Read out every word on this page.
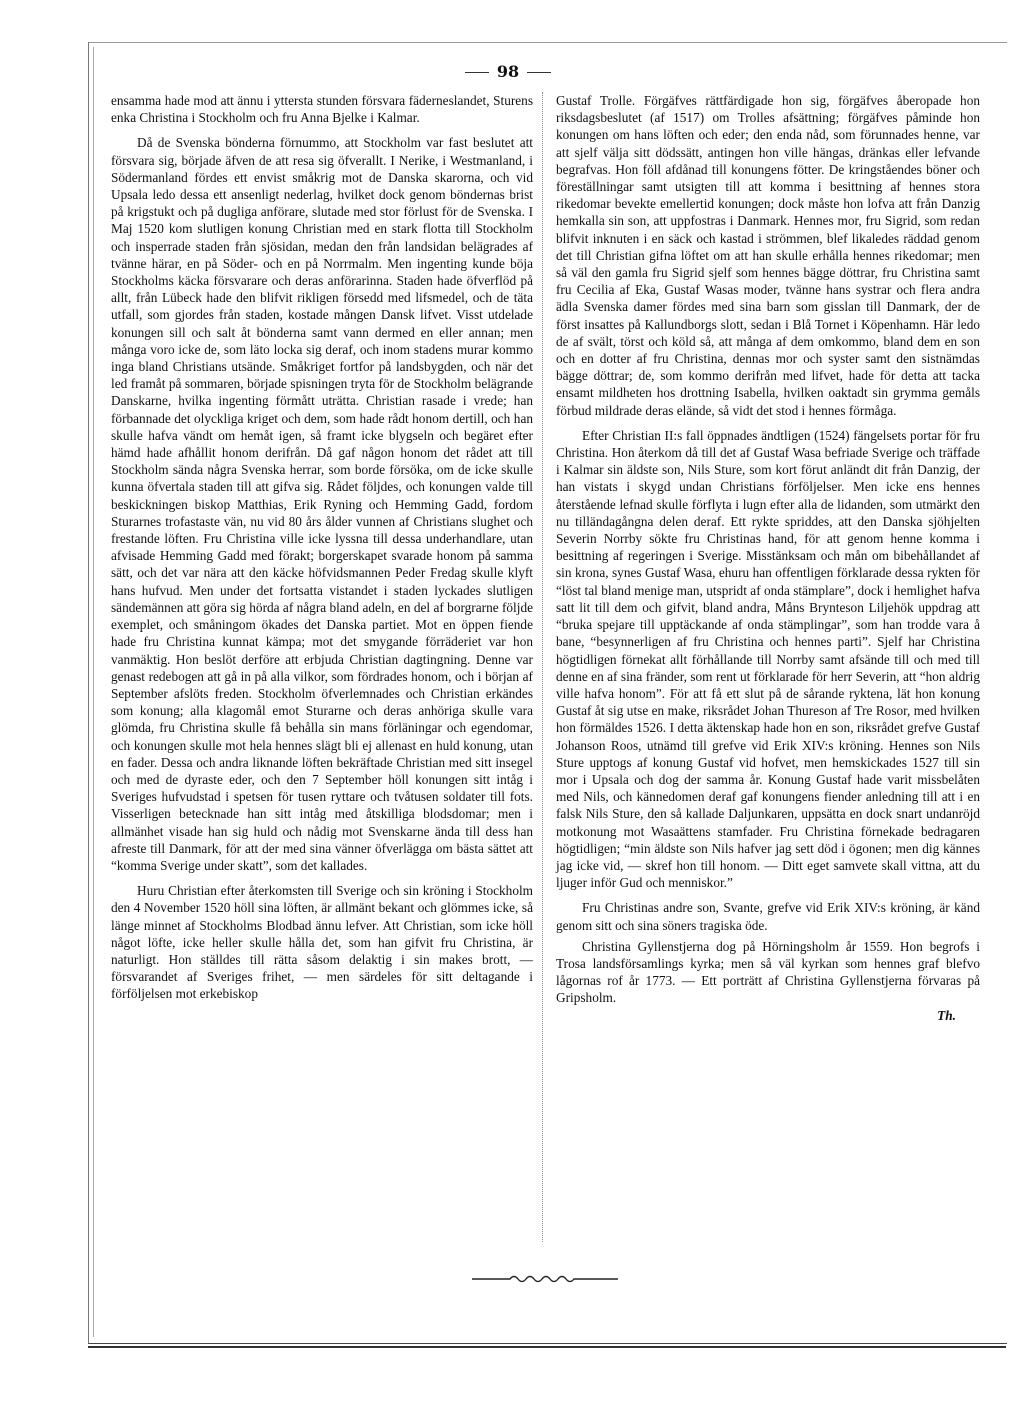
98

ensamma hade mod att ännu i yttersta stunden försvara fäderneslandet, Sturens enka Christina i Stockholm och fru Anna Bjelke i Kalmar.

Då de Svenska bönderna förnummo, att Stockholm var fast beslutet att försvara sig, började äfven de att resa sig öfverallt. I Nerike, i Westmanland, i Södermanland fördes ett envist småkrig mot de Danska skarorna, och vid Upsala ledo dessa ett ansenligt nederlag, hvilket dock genom böndernas brist på krigstukt och på dugliga anförare, slutade med stor förlust för de Svenska. I Maj 1520 kom slutligen konung Christian med en stark flotta till Stockholm och insperrade staden från sjösidan, medan den från landsidan belägrades af tvänne härar, en på Söder- och en på Norrmalm. Men ingenting kunde böja Stockholms käcka försvarare och deras anförarinna. Staden hade öfverflöd på allt, från Lübeck hade den blifvit rikligen försedd med lifsmedel, och de täta utfall, som gjordes från staden, kostade mången Dansk lifvet. Visst utdelade konungen sill och salt åt bönderna samt vann dermed en eller annan; men många voro icke de, som läto locka sig deraf, och inom stadens murar kommo inga bland Christians utsände. Småkriget fortfor på landsbygden, och när det led framåt på sommaren, började spisningen tryta för de Stockholm belägrande Danskarne, hvilka ingenting förmått uträtta. Christian rasade i vrede; han förbannade det olyckliga kriget och dem, som hade rådt honom dertill, och han skulle hafva vändt om hemåt igen, så framt icke blygseln och begäret efter hämd hade afhållit honom derifrån. Då gaf någon honom det rådet att till Stockholm sända några Svenska herrar, som borde försöka, om de icke skulle kunna öfvertala staden till att gifva sig. Rådet följdes, och konungen valde till beskickningen biskop Matthias, Erik Ryning och Hemming Gadd, fordom Sturarnes trofastaste vän, nu vid 80 års ålder vunnen af Christians slughet och frestande löften. Fru Christina ville icke lyssna till dessa underhandlare, utan afvisade Hemming Gadd med förakt; borgerskapet svarade honom på samma sätt, och det var nära att den käcke höfvidsmannen Peder Fredag skulle klyft hans hufvud. Men under det fortsatta vistandet i staden lyckades slutligen sändemännen att göra sig hörda af några bland adeln, en del af borgrarne följde exemplet, och småningom ökades det Danska partiet. Mot en öppen fiende hade fru Christina kunnat kämpa; mot det smygande förräderiet var hon vanmäktig. Hon beslöt derföre att erbjuda Christian dagtingning. Denne var genast redebogen att gå in på alla vilkor, som fördrades honom, och i början af September afslöts freden. Stockholm öfverlemnades och Christian erkändes som konung; alla klagomål emot Sturarne och deras anhöriga skulle vara glömda, fru Christina skulle få behålla sin mans förläningar och egendomar, och konungen skulle mot hela hennes slägt bli ej allenast en huld konung, utan en fader. Dessa och andra liknande löften bekräftade Christian med sitt insegel och med de dyraste eder, och den 7 September höll konungen sitt intåg i Sveriges hufvudstad i spetsen för tusen ryttare och tvåtusen soldater till fots. Visserligen betecknade han sitt intåg med åtskilliga blodsdomar; men i allmänhet visade han sig huld och nådig mot Svenskarne ända till dess han afreste till Danmark, för att der med sina vänner öfverlägga om bästa sättet att “komma Sverige under skatt”, som det kallades.

Huru Christian efter återkomsten till Sverige och sin kröning i Stockholm den 4 November 1520 höll sina löften, är allmänt bekant och glömmes icke, så länge minnet af Stockholms Blodbad ännu lefver. Att Christian, som icke höll något löfte, icke heller skulle hålla det, som han gifvit fru Christina, är naturligt. Hon ställdes till rätta såsom delaktig i sin makes brott, — försvarandet af Sveriges frihet, — men särdeles för sitt deltagande i förföljelsen mot erkebiskop

Gustaf Trolle. Förgäfves rättfärdigade hon sig, förgäfves åberopade hon riksdagsbeslutet (af 1517) om Trolles afsättning; förgäfves påminde hon konungen om hans löften och eder; den enda nåd, som förunnades henne, var att sjelf välja sitt dödssätt, antingen hon ville hängas, dränkas eller lefvande begrafvas. Hon föll afdånad till konungens fötter. De kringståendes böner och föreställningar samt utsigten till att komma i besittning af hennes stora rikedomar bevekte emellertid konungen; dock måste hon lofva att från Danzig hemkalla sin son, att uppfostras i Danmark. Hennes mor, fru Sigrid, som redan blifvit inknuten i en säck och kastad i strömmen, blef likaledes räddad genom det till Christian gifna löftet om att han skulle erhålla hennes rikedomar; men så väl den gamla fru Sigrid sjelf som hennes bägge döttrar, fru Christina samt fru Cecilia af Eka, Gustaf Wasas moder, tvänne hans systrar och flera andra ädla Svenska damer fördes med sina barn som gisslan till Danmark, der de först insattes på Kallundborgs slott, sedan i Blå Tornet i Köpenhamn. Här ledo de af svält, törst och köld så, att många af dem omkommo, bland dem en son och en dotter af fru Christina, dennas mor och syster samt den sistnämdas bägge döttrar; de, som kommo derifrån med lifvet, hade för detta att tacka ensamt mildheten hos drottning Isabella, hvilken oaktadt sin grymma gemåls förbud mildrade deras elände, så vidt det stod i hennes förmåga.

Efter Christian II:s fall öppnades ändtligen (1524) fängelsets portar för fru Christina. Hon återkom då till det af Gustaf Wasa befriade Sverige och träffade i Kalmar sin äldste son, Nils Sture, som kort förut anländt dit från Danzig, der han vistats i skygd undan Christians förföljelser. Men icke ens hennes återstående lefnad skulle förflyta i lugn efter alla de lidanden, som utmärkt den nu tilländagångna delen deraf. Ett rykte spriddes, att den Danska sjöhjelten Severin Norrby sökte fru Christinas hand, för att genom henne komma i besittning af regeringen i Sverige. Misstänksam och mån om bibehållandet af sin krona, synes Gustaf Wasa, ehuru han offentligen förklarade dessa rykten för “löst tal bland menige man, utspridt af onda stämplare”, dock i hemlighet hafva satt lit till dem och gifvit, bland andra, Måns Brynteson Liljehök uppdrag att “bruka spejare till upptäckande af onda stämplingar”, som han trodde vara å bane, “besynnerligen af fru Christina och hennes parti”. Sjelf har Christina högtidligen förnekat allt förhållande till Norrby samt afsände till och med till denne en af sina fränder, som rent ut förklarade för herr Severin, att “hon aldrig ville hafva honom”. För att få ett slut på de sårande ryktena, lät hon konung Gustaf åt sig utse en make, riksrådet Johan Thureson af Tre Rosor, med hvilken hon förmäldes 1526. I detta äktenskap hade hon en son, riksrådet grefve Gustaf Johanson Roos, utnämd till grefve vid Erik XIV:s kröning. Hennes son Nils Sture upptogs af konung Gustaf vid hofvet, men hemskickades 1527 till sin mor i Upsala och dog der samma år. Konung Gustaf hade varit missbelåten med Nils, och kännedomen deraf gaf konungens fiender anledning till att i en falsk Nils Sture, den så kallade Daljunkaren, uppsätta en dock snart undanröjd motkonung mot Wasaättens stamfader. Fru Christina förnekade bedragaren högtidligen; “min äldste son Nils hafver jag sett död i ögonen; men dig kännes jag icke vid, — skref hon till honom. — Ditt eget samvete skall vittna, att du ljuger inför Gud och menniskor.”

Fru Christinas andre son, Svante, grefve vid Erik XIV:s kröning, är känd genom sitt och sina söners tragiska öde.

Christina Gyllenstjerna dog på Hörningsholm år 1559. Hon begrofs i Trosa landsförsamlings kyrka; men så väl kyrkan som hennes graf blefvo lågornas rof år 1773. — Ett porträtt af Christina Gyllenstjerna förvaras på Gripsholm.

Th.
